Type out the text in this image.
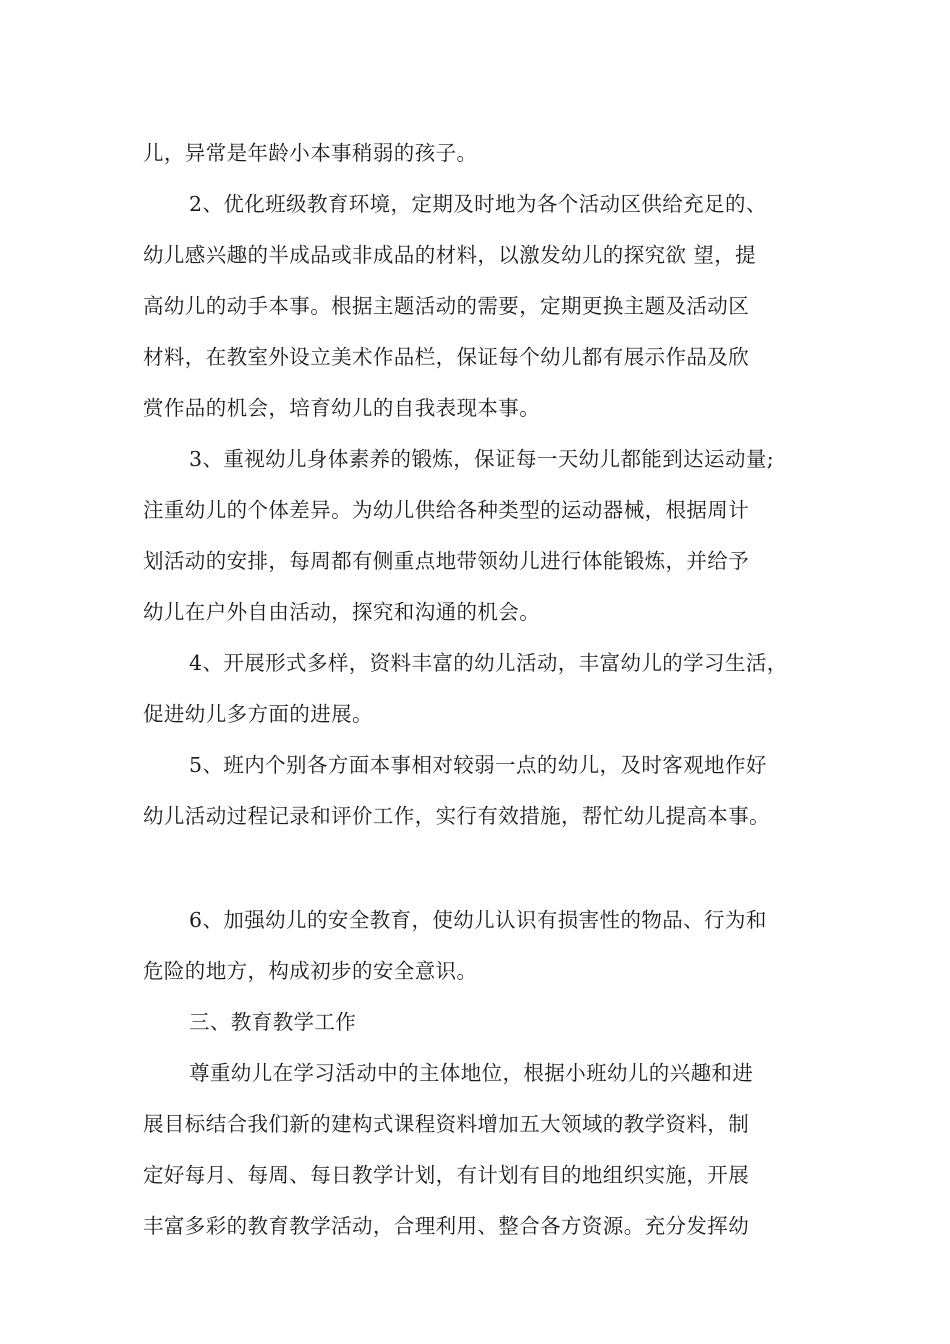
儿，异常是年龄小本事稍弱的孩子。
2、优化班级教育环境，定期及时地为各个活动区供给充足的、
幼儿感兴趣的半成品或非成品的材料，以激发幼儿的探究欲 望，提
高幼儿的动手本事。根据主题活动的需要，定期更换主题及活动区
材料，在教室外设立美术作品栏，保证每个幼儿都有展示作品及欣
赏作品的机会，培育幼儿的自我表现本事。
3、重视幼儿身体素养的锻炼，保证每一天幼儿都能到达运动量;
注重幼儿的个体差异。为幼儿供给各种类型的运动器械，根据周计
划活动的安排，每周都有侧重点地带领幼儿进行体能锻炼，并给予
幼儿在户外自由活动，探究和沟通的机会。
4、开展形式多样，资料丰富的幼儿活动，丰富幼儿的学习生活，
促进幼儿多方面的进展。
5、班内个别各方面本事相对较弱一点的幼儿，及时客观地作好
幼儿活动过程记录和评价工作，实行有效措施，帮忙幼儿提高本事。
6、加强幼儿的安全教育，使幼儿认识有损害性的物品、行为和
危险的地方，构成初步的安全意识。
三、教育教学工作
尊重幼儿在学习活动中的主体地位，根据小班幼儿的兴趣和进
展目标结合我们新的建构式课程资料增加五大领域的教学资料，制
定好每月、每周、每日教学计划，有计划有目的地组织实施，开展
丰富多彩的教育教学活动，合理利用、整合各方资源。充分发挥幼
